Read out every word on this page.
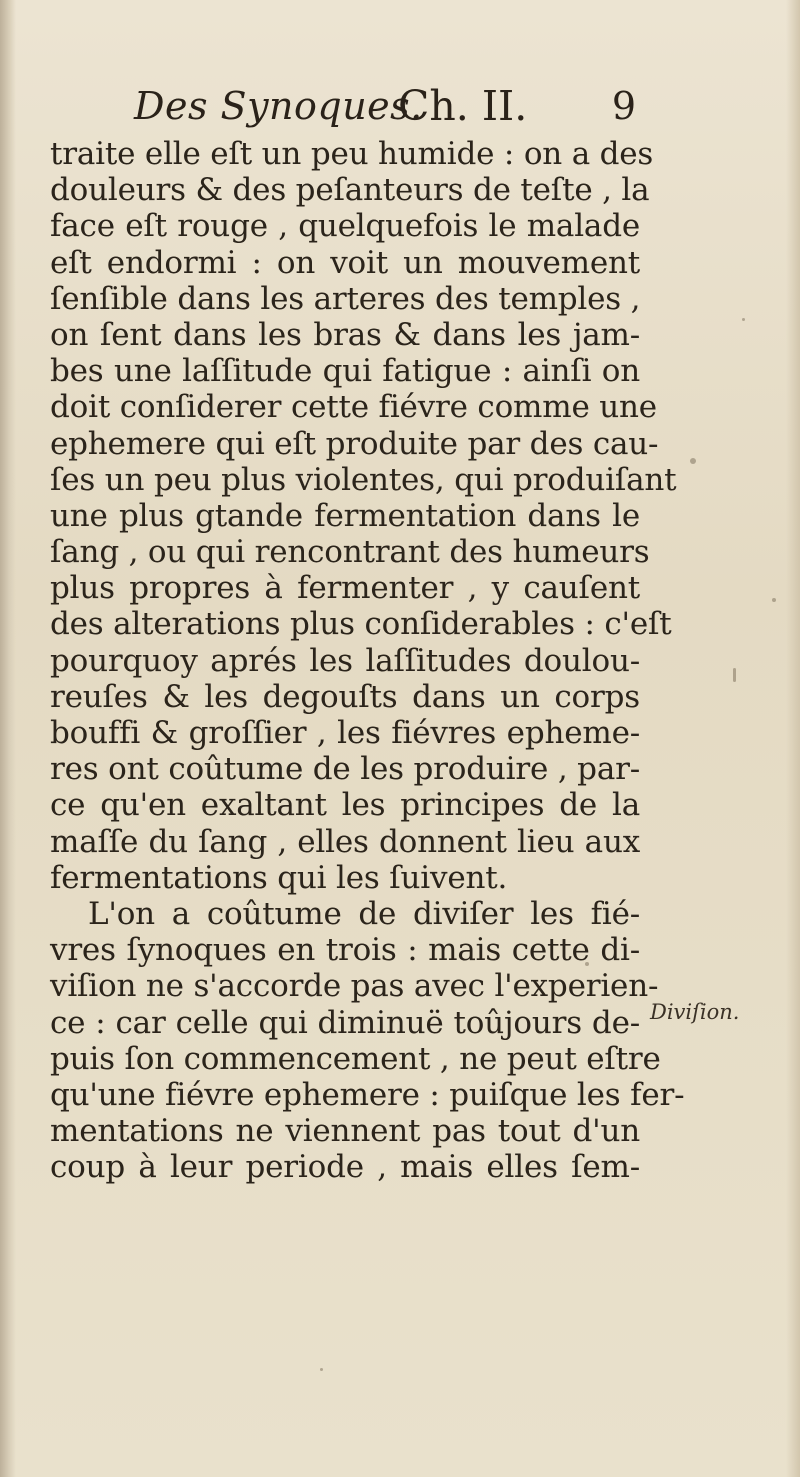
Des Synoques.
Ch. II. 9
traite elle eſt un peu humide : on a des
douleurs & des peſanteurs de teſte , la
face eſt rouge , quelquefois le malade
eſt endormi : on voit un mouvement
ſenſible dans les arteres des temples ,
on ſent dans les bras & dans les jam-
bes une laſſitude qui fatigue : ainſi on
doit conſiderer cette fiévre comme une
ephemere qui eſt produite par des cau-
ſes un peu plus violentes, qui produiſant
une plus gtande fermentation dans le
ſang , ou qui rencontrant des humeurs
plus propres à fermenter , y cauſent
des alterations plus conſiderables : c'eſt
pourquoy aprés les laſſitudes doulou-
reuſes & les degouſts dans un corps
bouffi & groſſier , les fiévres epheme-
res ont coûtume de les produire , par-
ce qu'en exaltant les principes de la
maſſe du ſang , elles donnent lieu aux
fermentations qui les ſuivent.
L'on a coûtume de diviſer les fié-
vres ſynoques en trois : mais cette di-
viſion ne s'accorde pas avec l'experien-
ce : car celle qui diminuë toûjours de-
puis ſon commencement , ne peut eſtre
qu'une fiévre ephemere : puiſque les fer-
mentations ne viennent pas tout d'un
coup à leur periode , mais elles ſem-
Diviſion.
